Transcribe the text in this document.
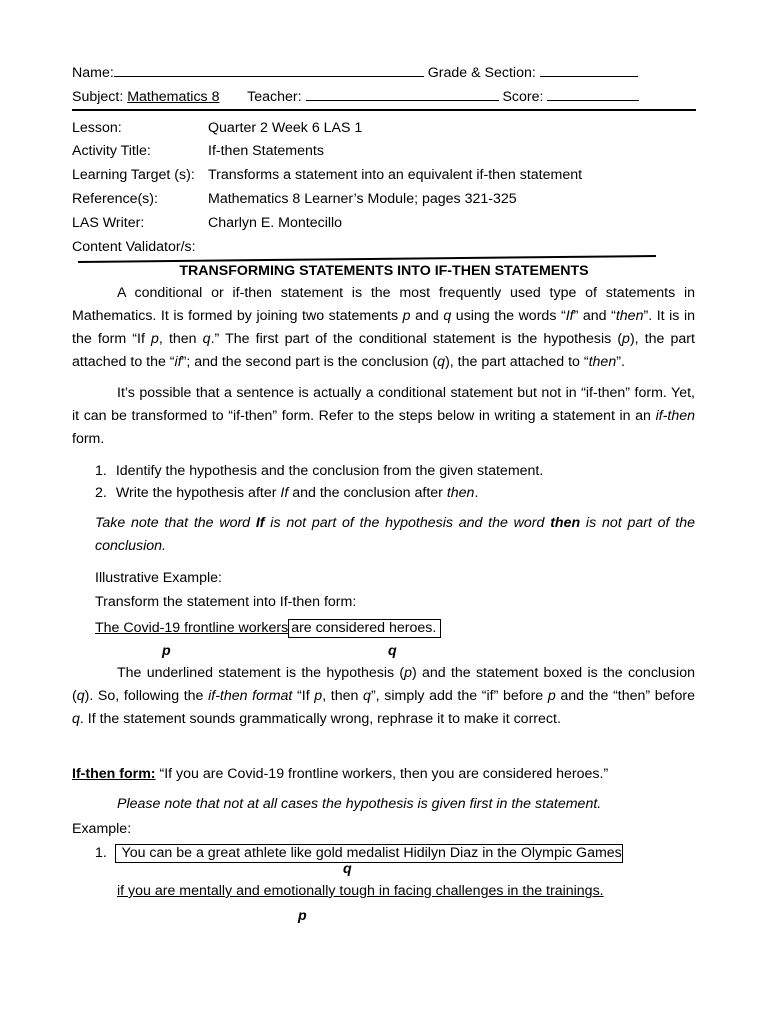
Name:	Grade & Section:
Subject: Mathematics 8 Teacher:	Score:
Lesson:	Quarter 2 Week 6 LAS 1
Activity Title:	If-then Statements
Learning Target (s): Transforms a statement into an equivalent if-then statement
Reference(s):	Mathematics 8 Learner’s Module; pages 321-325
LAS Writer:	Charlyn E. Montecillo
Content Validator/s:
TRANSFORMING STATEMENTS INTO IF-THEN STATEMENTS
A conditional or if-then statement is the most frequently used type of statements in Mathematics. It is formed by joining two statements p and q using the words “If” and “then”. It is in the form “If p, then q.” The first part of the conditional statement is the hypothesis (p), the part attached to the “if”; and the second part is the conclusion (q), the part attached to “then”.
It’s possible that a sentence is actually a conditional statement but not in “if-then” form. Yet, it can be transformed to “if-then” form. Refer to the steps below in writing a statement in an if-then form.
1. Identify the hypothesis and the conclusion from the given statement.
2. Write the hypothesis after If and the conclusion after then.
Take note that the word If is not part of the hypothesis and the word then is not part of the conclusion.
Illustrative Example:
Transform the statement into If-then form:
The Covid-19 frontline workers are considered heroes.
p	q
The underlined statement is the hypothesis (p) and the statement boxed is the conclusion (q). So, following the if-then format “If p, then q”, simply add the “if” before p and the “then” before q. If the statement sounds grammatically wrong, rephrase it to make it correct.
If-then form: “If you are Covid-19 frontline workers, then you are considered heroes.”
Please note that not at all cases the hypothesis is given first in the statement.
Example:
1. You can be a great athlete like gold medalist Hidilyn Diaz in the Olympic Games
q
if you are mentally and emotionally tough in facing challenges in the trainings.
p
